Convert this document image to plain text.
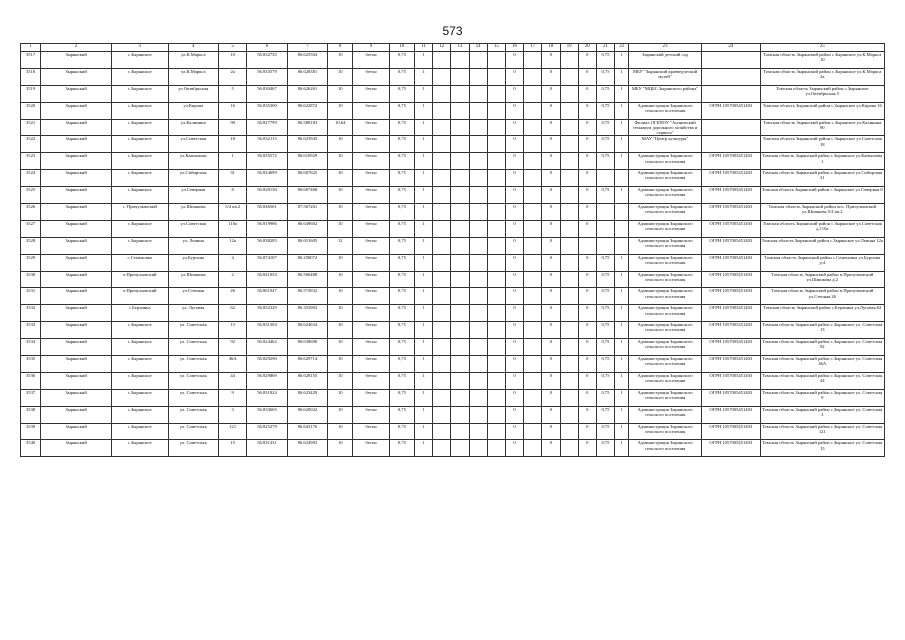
573
1	2	3	4	5	6	7	8	9	10	11	12	13	14	15	16	17	18	19	20	21	22	23	24	25
3517	Зырянский	с.Зырянское	ул.К.Маркса	10	56.832735	86.625504	10	бетон	0,75	1					0		0		0	0,75	1	Зырянский детский сад		Томская область Зырянский район с.Зырянское ул.К.Маркса 10
3518	Зырянский	с.Зырянское	ул.К.Маркса	2а	56.833579	86.628381	10	бетон	0,75	1					0		0		0	0,75	1	МБУ "Зырянский краеведческий музей"		Томская область Зырянский район с.Зырянское ул.К.Маркса 2а
3519	Зырянский	с.Зырянское	ул.Октябрьская	5	56.830467	86.626261	10	бетон	0,75	1					0		0		0	0,75	1	МБУ "МЦБС Зырянского района"		Томская область Зырянский район с.Зырянское ул.Октябрьская 5
3520	Зырянский	с.Зырянское	ул.Кирова	16	56.835300	86.622872	10	бетон	0,75	1					0		0		0	0,75	1	Администрация Зырянского сельского поселения	ОГРН 1057005451403	Томская область Зырянский район с.Зырянское ул.Кирова 16
3521	Зырянский	с.Зырянское	ул.Калинина	90	56.827799	86.588183	10,64	бетон	0,75	1					0		0		0	0,75	1	Филиал ОГБПОУ "Асиновский техникум дорожного хозяйства и сервиса"		Томская область Зырянский район с.Зырянское ул.Калинина 90
3522	Зырянский	с.Зырянское	ул.Советская	18	56.832113	86.623945	10	бетон	0,75	1					0		0		0	0,75	1	МАУ "Центр культуры"		Томская область Зырянский район с.Зырянское ул.Советская 18
3523	Зырянский	с.Зырянское	ул.Камышова	1	56.835572	86.610929	10	бетон	0,75	1					0		0		0	0,75	1	Администрация Зырянского сельского поселения	ОГРН 1057005451403	Томская область Зырянский район с.Зырянское ул.Камышова 1
3524	Зырянский	с.Зырянское	ул.Сибирская	31	56.824699	86.607625	10	бетон	0,75	1					0		0		0			Администрация Зырянского сельского поселения	ОГРН 1057005451403	Томская область Зырянский район с.Зырянское ул.Сибирская 31
3525	Зырянский	с.Зырянское	ул.Северная	8	56.828130	86.607468	10	бетон	0,75	1					0		0		0	0,75	1	Администрация Зырянского сельского поселения	ОГРН 1057005451403	Томская область Зырянский район с.Зырянское ул.Северная 8
3526	Зырянский	с. Причулымский	ул.Шишкова	5/4 кв.2	56.846561	87.567261	10	бетон	0,75	1					0		0		0			Администрация Зырянского сельского поселения	ОГРН 1057005451403	Томская область Зырянский район пос. Причулымский ул.Шишкова 5/4 кв.2
3527	Зырянский	с.Зырянское	ул.Советская	110а	56.819986	86.649602	10	бетон	0,75	1					0		0		0			Администрация Зырянского сельского поселения	ОГРН 1057005451403	Томская область Зырянский район с.Зырянское ул.Советская д.110а
3528	Зырянский	с.Зырянское	ул. Ленина	12а	56.838285	86.651605	12	бетон	0,75	1					0		0					Администрация Зырянского сельского поселения	ОГРН 1057005451403	Томская область Зырянский район с.Зырянское ул.Ленина 12а
3529	Зырянский	с.Семеновка	ул.Бурсина	4	56.874107	86.258072	10	бетон	0,75	1					0		0		0	0,75	1	Администрация Зырянского сельского поселения	ОГРН 1057005451403	Томская область Зырянский район с.Семеновка ул.Бурсина д.4
3530	Зырянский	п.Причулымский	ул.Шишкова	2	56.841054	86.506488	10	бетон	0,75	1					0		0		0	0,75	1	Администрация Зырянского сельского поселения	ОГРН 1057005451403	Томская область Зырянский район п.Причулымский ул.Шишкова д.2
3531	Зырянский	п.Причулымский	ул.Степная	26	56.861947	86.572832	10	бетон	0,75	1					0		0		0	0,75	1	Администрация Зырянского сельского поселения	ОГРН 1057005451403	Томская область Зырянский район п.Причулымский ул.Степная 26
3532	Зырянский	с.Берлинка	ул. Луговая	62	56.852329	86.353903	10	бетон	0,75	1					0		0		0	0,75	1	Администрация Зырянского сельского поселения	ОГРН 1057005451403	Томская область Зырянский район с.Берлинка ул.Луговая 62
3533	Зырянский	с.Зырянское	ул. Советская	13	56.831304	86.624634	10	бетон	0,75	1					0		0		0	0,75	1	Администрация Зырянского сельского поселения	ОГРН 1057005451403	Томская область Зырянский район с.Зырянское ул. Советская 13
3534	Зырянский	с.Зырянское	ул. Советская	92	56.824462	86.638690	10	бетон	0,75	1					0		0		0	0,75	1	Администрация Зырянского сельского поселения	ОГРН 1057005451403	Томская область Зырянский район с.Зырянское ул. Советская 92
3535	Зырянский	с.Зырянское	ул. Советская	46А	56.829290	86.629714	10	бетон	0,75	1					0		0		0	0,75	1	Администрация Зырянского сельского поселения	ОГРН 1057005451403	Томская область Зырянский район с.Зырянское ул. Советская 46А
3536	Зырянский	с.Зырянское	ул. Советская	44	56.829869	86.628155	10	бетон	0,75	1					0		0		0	0,75	1	Администрация Зырянского сельского поселения	ОГРН 1057005451403	Томская область Зырянский район с.Зырянское ул. Советская 44
3537	Зырянский	с.Зырянское	ул. Советская	9	56.831824	86.623429	10	бетон	0,75	1					0		0		0	0,75	1	Администрация Зырянского сельского поселения	ОГРН 1057005451403	Томская область Зырянский район с.Зырянское ул. Советская 9
3538	Зырянский	с.Зырянское	ул. Советская	3	56.833665	86.620022	10	бетон	0,75	1					0		0		0	0,75	1	Администрация Зырянского сельского поселения	ОГРН 1057005451403	Томская область Зырянский район с.Зырянское ул. Советская 3
3539	Зырянский	с.Зырянское	ул. Советская	121	56.825279	86.643176	10	бетон	0,75	1					0		0		0	0,75	1	Администрация Зырянского сельского поселения	ОГРН 1057005451403	Томская область Зырянский район с.Зырянское ул. Советская 121
3540	Зырянский	с.Зырянское	ул. Советская	15	56.831431	86.624983	10	бетон	0,75	1					0		0		0	0,75	1	Администрация Зырянского сельского поселения	ОГРН 1057005451403	Томская область Зырянский район с.Зырянское ул. Советская 15
